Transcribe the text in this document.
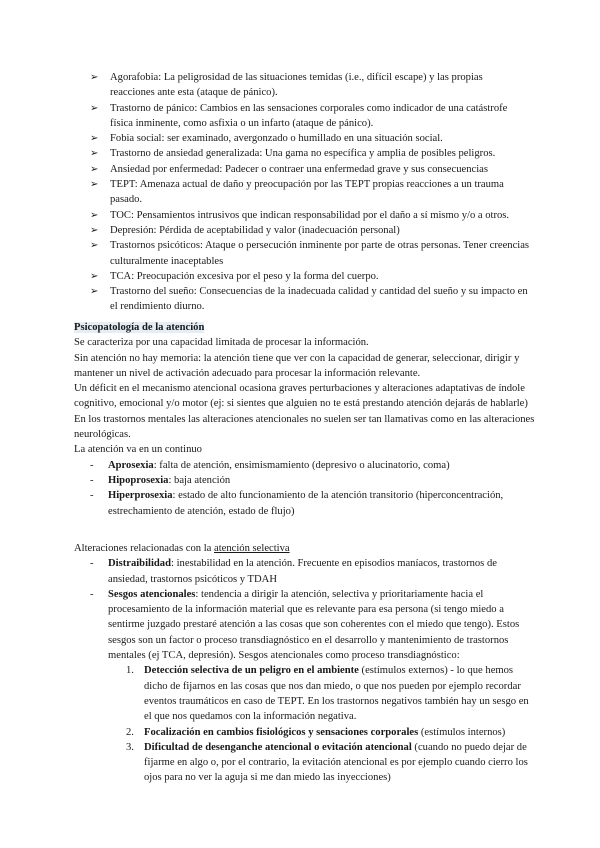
➢ Agorafobia: La peligrosidad de las situaciones temidas (i.e., difícil escape) y las propias reacciones ante esta (ataque de pánico).
➢ Trastorno de pánico: Cambios en las sensaciones corporales como indicador de una catástrofe física inminente, como asfixia o un infarto (ataque de pánico).
➢ Fobia social: ser examinado, avergonzado o humillado en una situación social.
➢ Trastorno de ansiedad generalizada: Una gama no específica y amplia de posibles peligros.
➢ Ansiedad por enfermedad: Padecer o contraer una enfermedad grave y sus consecuencias
➢ TEPT: Amenaza actual de daño y preocupación por las TEPT propias reacciones a un trauma pasado.
➢ TOC: Pensamientos intrusivos que indican responsabilidad por el daño a sí mismo y/o a otros.
➢ Depresión: Pérdida de aceptabilidad y valor (inadecuación personal)
➢ Trastornos psicóticos: Ataque o persecución inminente por parte de otras personas. Tener creencias culturalmente inaceptables
➢ TCA: Preocupación excesiva por el peso y la forma del cuerpo.
➢ Trastorno del sueño: Consecuencias de la inadecuada calidad y cantidad del sueño y su impacto en el rendimiento diurno.

Psicopatología de la atención

Se caracteriza por una capacidad limitada de procesar la información.

Sin atención no hay memoria: la atención tiene que ver con la capacidad de generar, seleccionar, dirigir y mantener un nivel de activación adecuado para procesar la información relevante.

Un déficit en el mecanismo atencional ocasiona graves perturbaciones y alteraciones adaptativas de índole cognitivo, emocional y/o motor (ej: si sientes que alguien no te está prestando atención dejarás de hablarle)

En los trastornos mentales las alteraciones atencionales no suelen ser tan llamativas como en las alteraciones neurológicas.

La atención va en un continuo

- Aprosexia: falta de atención, ensimismamiento (depresivo o alucinatorio, coma)
- Hipoprosexia: baja atención
- Hiperprosexia: estado de alto funcionamiento de la atención transitorio (hiperconcentración, estrechamiento de atención, estado de flujo)

Alteraciones relacionadas con la atención selectiva

- Distraibilidad: inestabilidad en la atención. Frecuente en episodios maníacos, trastornos de ansiedad, trastornos psicóticos y TDAH
- Sesgos atencionales: tendencia a dirigir la atención, selectiva y prioritariamente hacia el procesamiento de la información material que es relevante para esa persona (si tengo miedo a sentirme juzgado prestaré atención a las cosas que son coherentes con el miedo que tengo). Estos sesgos son un factor o proceso transdiagnóstico en el desarrollo y mantenimiento de trastornos mentales (ej TCA, depresión). Sesgos atencionales como proceso transdiagnóstico:
1. Detección selectiva de un peligro en el ambiente (estímulos externos) - lo que hemos dicho de fijarnos en las cosas que nos dan miedo, o que nos pueden por ejemplo recordar eventos traumáticos en caso de TEPT. En los trastornos negativos también hay un sesgo en el que nos quedamos con la información negativa.
2. Focalización en cambios fisiológicos y sensaciones corporales (estímulos internos)
3. Dificultad de desenganche atencional o evitación atencional (cuando no puedo dejar de fijarme en algo o, por el contrario, la evitación atencional es por ejemplo cuando cierro los ojos para no ver la aguja si me dan miedo las inyecciones)
